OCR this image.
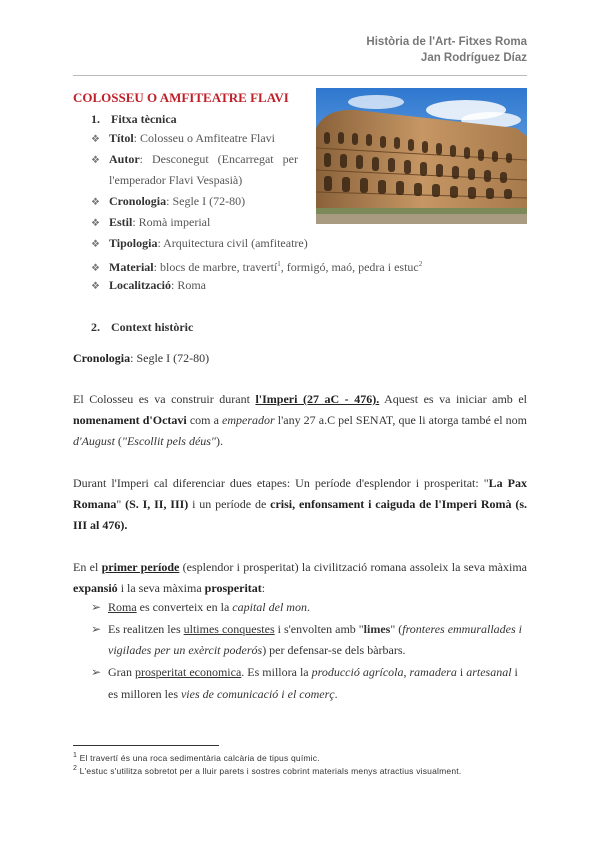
Història de l'Art- Fitxes Roma
Jan Rodríguez Díaz
COLOSSEU O AMFITEATRE FLAVI
1. Fitxa tècnica
❖ Títol: Colosseu o Amfiteatre Flavi
❖ Autor:   Desconegut   (Encarregat   per
l'emperador Flavi Vespasià)
❖ Cronologia: Segle I (72-80)
❖ Estil: Romà imperial
❖ Tipologia: Arquitectura civil (amfiteatre)
❖ Material: blocs de marbre, travertí$^1$, formigó, maó, pedra i estuc$^2$
❖ Localització: Roma
2. Context històric
Cronologia: Segle I (72-80)
El Colosseu es va construir durant l'Imperi (27 aC - 476). Aquest es va iniciar amb el nomenament d'Octavi com a emperador l'any 27 a.C pel SENAT, que li atorga també el nom d'August ("Escollit pels déus").
Durant l'Imperi cal diferenciar dues etapes: Un període d'esplendor i prosperitat: "La Pax Romana" (S. I, II, III) i un període de crisi, enfonsament i caiguda de l'Imperi Romà (s. III al 476).
En el primer període (esplendor i prosperitat) la civilització romana assoleix la seva màxima expansió i la seva màxima prosperitat:
➢ Roma es converteix en la capital del mon.
➢ Es realitzen les ultimes conquestes i s'envolten amb "limes" (fronteres emmurallades i
vigilades per un exèrcit poderós) per defensar-se dels bàrbars.
➢ Gran prosperitat economica. Es millora la producció agrícola, ramadera i artesanal i
es milloren les vies de comunicació i el comerç.
$^1$ El travertí és una roca sedimentària calcària de tipus químic.
$^2$ L'estuc s'utilitza sobretot per a lluir parets i sostres cobrint materials menys atractius visualment.
